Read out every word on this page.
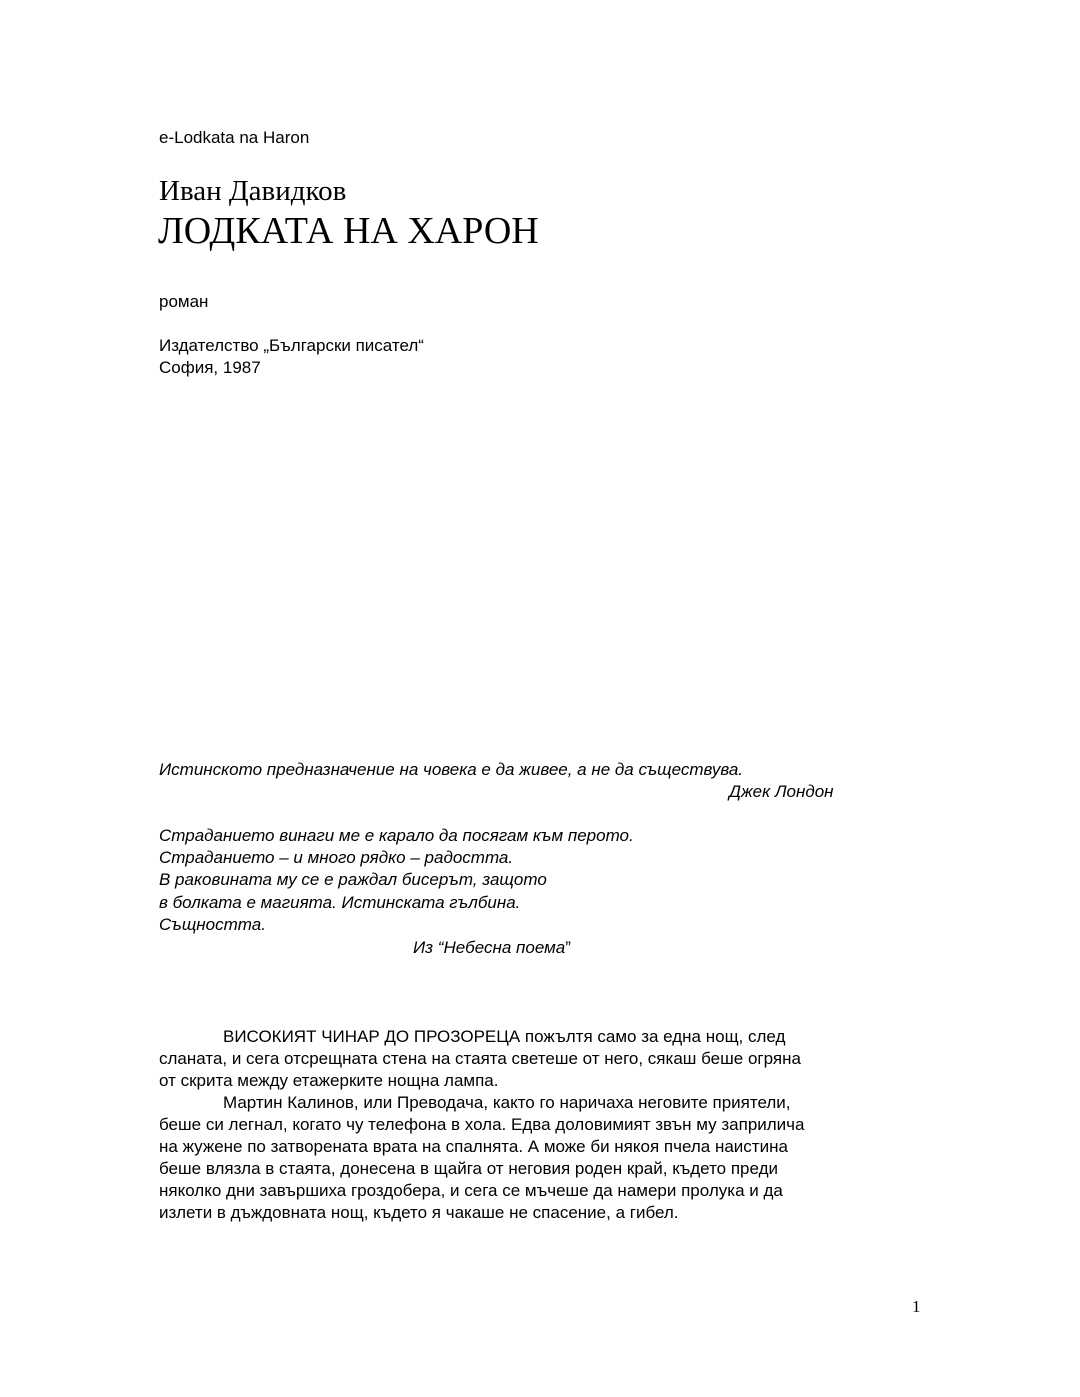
e-Lodkata na Haron
Иван Давидков
ЛОДКАТА НА ХАРОН
роман
Издателство „Български писател“
София, 1987
Истинското предназначение на човека е да живее, а не да съществува.
Джек Лондон
Страданието винаги ме е карало да посягам към перото.
Страданието – и много рядко – радостта.
В раковината му се е раждал бисерът, защото
в болката е магията. Истинската гълбина.
Същността.
Из “Небесна поема”
ВИСОКИЯТ ЧИНАР ДО ПРОЗОРЕЦА пожълтя само за една нощ, след
сланата, и сега отсрещната стена на стаята светеше от него, сякаш беше огряна
от скрита между етажерките нощна лампа.
Мартин Калинов, или Преводача, както го наричаха неговите приятели,
беше си легнал, когато чу телефона в хола. Едва доловимият звън му заприлича
на жужене по затворената врата на спалнята. А може би някоя пчела наистина
беше влязла в стаята, донесена в щайга от неговия роден край, където преди
няколко дни завършиха гроздобера, и сега се мъчеше да намери пролука и да
излети в дъждовната нощ, където я чакаше не спасение, а гибел.
1
